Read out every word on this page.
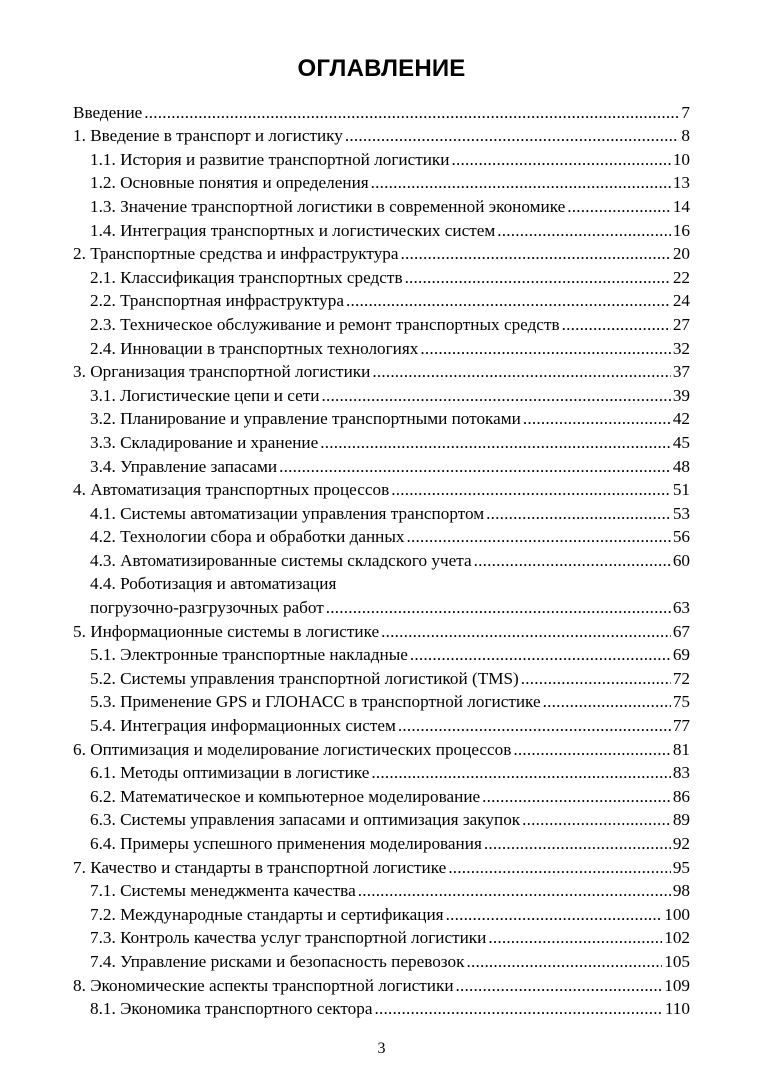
ОГЛАВЛЕНИЕ
Введение .....	7
1. Введение в транспорт и логистику .....	8
1.1. История и развитие транспортной логистики .....	10
1.2. Основные понятия и определения .....	13
1.3. Значение транспортной логистики в современной экономике .....	14
1.4. Интеграция транспортных и логистических систем .....	16
2. Транспортные средства и инфраструктура .....	20
2.1. Классификация транспортных средств .....	22
2.2. Транспортная инфраструктура .....	24
2.3. Техническое обслуживание и ремонт транспортных средств .....	27
2.4. Инновации в транспортных технологиях .....	32
3. Организация транспортной логистики .....	37
3.1. Логистические цепи и сети .....	39
3.2. Планирование и управление транспортными потоками .....	42
3.3. Складирование и хранение .....	45
3.4. Управление запасами .....	48
4. Автоматизация транспортных процессов .....	51
4.1. Системы автоматизации управления транспортом .....	53
4.2. Технологии сбора и обработки данных .....	56
4.3. Автоматизированные системы складского учета .....	60
4.4. Роботизация и автоматизация
погрузочно-разгрузочных работ .....	63
5. Информационные системы в логистике .....	67
5.1. Электронные транспортные накладные .....	69
5.2. Системы управления транспортной логистикой (TMS) .....	72
5.3. Применение GPS и ГЛОНАСС в транспортной логистике .....	75
5.4. Интеграция информационных систем .....	77
6. Оптимизация и моделирование логистических процессов .....	81
6.1. Методы оптимизации в логистике .....	83
6.2. Математическое и компьютерное моделирование .....	86
6.3. Системы управления запасами и оптимизация закупок .....	89
6.4. Примеры успешного применения моделирования .....	92
7. Качество и стандарты в транспортной логистике .....	95
7.1. Системы менеджмента качества .....	98
7.2. Международные стандарты и сертификация .....	100
7.3. Контроль качества услуг транспортной логистики .....	102
7.4. Управление рисками и безопасность перевозок .....	105
8. Экономические аспекты транспортной логистики .....	109
8.1. Экономика транспортного сектора .....	110
3
